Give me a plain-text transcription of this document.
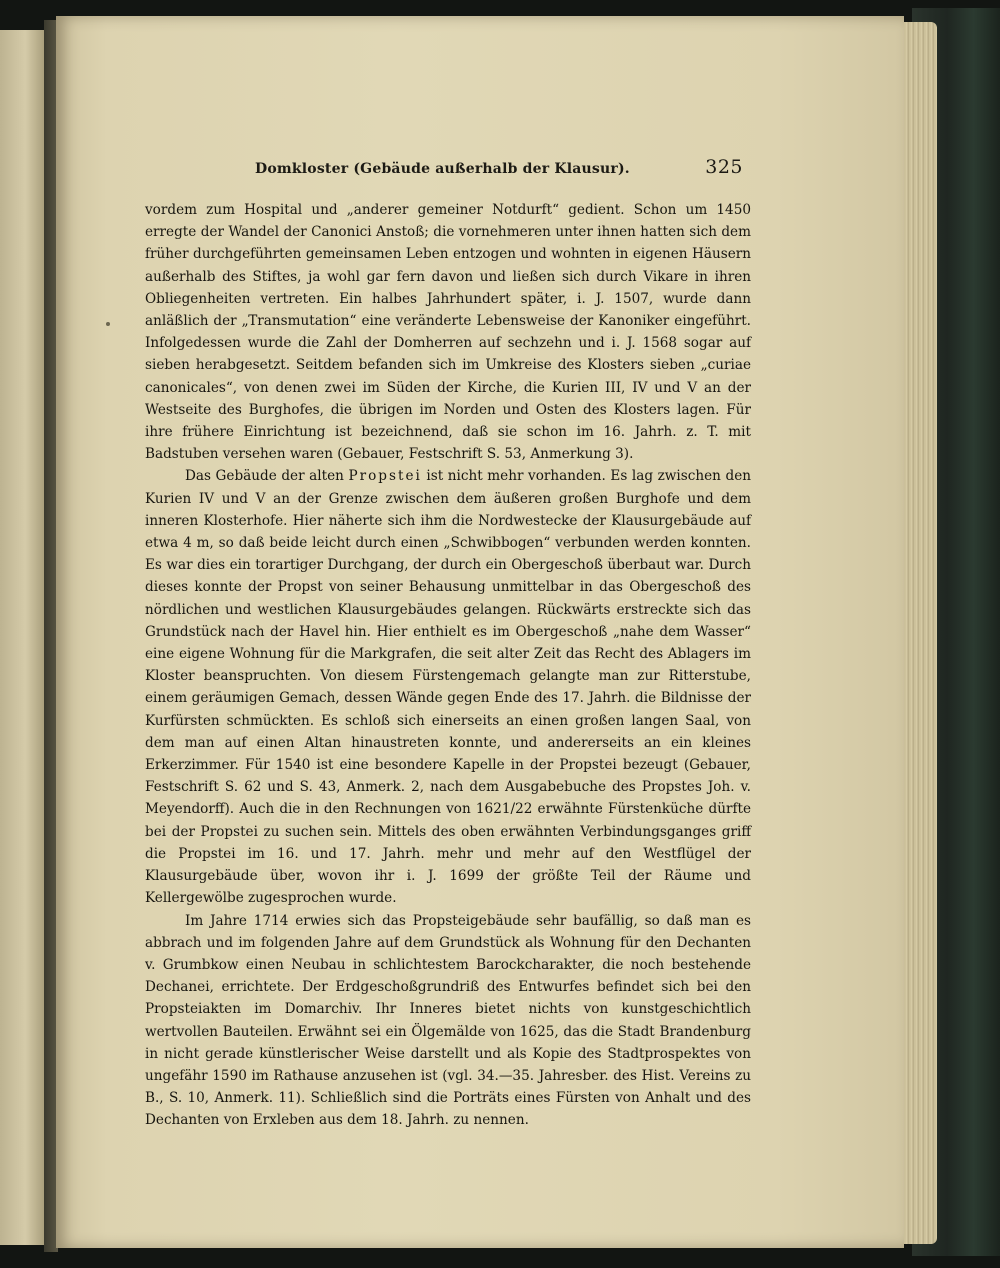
Domkloster (Gebäude außerhalb der Klausur).	325

vordem zum Hospital und „anderer gemeiner Notdurft“ gedient. Schon um 1450 erregte der Wandel der Canonici Anstoß; die vornehmeren unter ihnen hatten sich dem früher durchgeführten gemeinsamen Leben entzogen und wohnten in eigenen Häusern außerhalb des Stiftes, ja wohl gar fern davon und ließen sich durch Vikare in ihren Obliegenheiten vertreten. Ein halbes Jahrhundert später, i. J. 1507, wurde dann anläßlich der „Transmutation“ eine veränderte Lebensweise der Kanoniker eingeführt. Infolgedessen wurde die Zahl der Domherren auf sechzehn und i. J. 1568 sogar auf sieben herabgesetzt. Seitdem befanden sich im Umkreise des Klosters sieben „curiae canonicales“, von denen zwei im Süden der Kirche, die Kurien III, IV und V an der Westseite des Burghofes, die übrigen im Norden und Osten des Klosters lagen. Für ihre frühere Einrichtung ist bezeichnend, daß sie schon im 16. Jahrh. z. T. mit Badstuben versehen waren (Gebauer, Festschrift S. 53, Anmerkung 3).

Das Gebäude der alten Propstei ist nicht mehr vorhanden. Es lag zwischen den Kurien IV und V an der Grenze zwischen dem äußeren großen Burghofe und dem inneren Klosterhofe. Hier näherte sich ihm die Nordwestecke der Klausurgebäude auf etwa 4 m, so daß beide leicht durch einen „Schwibbogen“ verbunden werden konnten. Es war dies ein torartiger Durchgang, der durch ein Obergeschoß überbaut war. Durch dieses konnte der Propst von seiner Behausung unmittelbar in das Obergeschoß des nördlichen und westlichen Klausurgebäudes gelangen. Rückwärts erstreckte sich das Grundstück nach der Havel hin. Hier enthielt es im Obergeschoß „nahe dem Wasser“ eine eigene Wohnung für die Markgrafen, die seit alter Zeit das Recht des Ablagers im Kloster beanspruchten. Von diesem Fürstengemach gelangte man zur Ritterstube, einem geräumigen Gemach, dessen Wände gegen Ende des 17. Jahrh. die Bildnisse der Kurfürsten schmückten. Es schloß sich einerseits an einen großen langen Saal, von dem man auf einen Altan hinaustreten konnte, und andererseits an ein kleines Erkerzimmer. Für 1540 ist eine besondere Kapelle in der Propstei bezeugt (Gebauer, Festschrift S. 62 und S. 43, Anmerk. 2, nach dem Ausgabebuche des Propstes Joh. v. Meyendorff). Auch die in den Rechnungen von 1621/22 erwähnte Fürstenküche dürfte bei der Propstei zu suchen sein. Mittels des oben erwähnten Verbindungsganges griff die Propstei im 16. und 17. Jahrh. mehr und mehr auf den Westflügel der Klausurgebäude über, wovon ihr i. J. 1699 der größte Teil der Räume und Kellergewölbe zugesprochen wurde.

Im Jahre 1714 erwies sich das Propsteigebäude sehr baufällig, so daß man es abbrach und im folgenden Jahre auf dem Grundstück als Wohnung für den Dechanten v. Grumbkow einen Neubau in schlichtestem Barockcharakter, die noch bestehende Dechanei, errichtete. Der Erdgeschoßgrundriß des Entwurfes befindet sich bei den Propsteiakten im Domarchiv. Ihr Inneres bietet nichts von kunstgeschichtlich wertvollen Bauteilen. Erwähnt sei ein Ölgemälde von 1625, das die Stadt Brandenburg in nicht gerade künstlerischer Weise darstellt und als Kopie des Stadtprospektes von ungefähr 1590 im Rathause anzusehen ist (vgl. 34.—35. Jahresber. des Hist. Vereins zu B., S. 10, Anmerk. 11). Schließlich sind die Porträts eines Fürsten von Anhalt und des Dechanten von Erxleben aus dem 18. Jahrh. zu nennen.
